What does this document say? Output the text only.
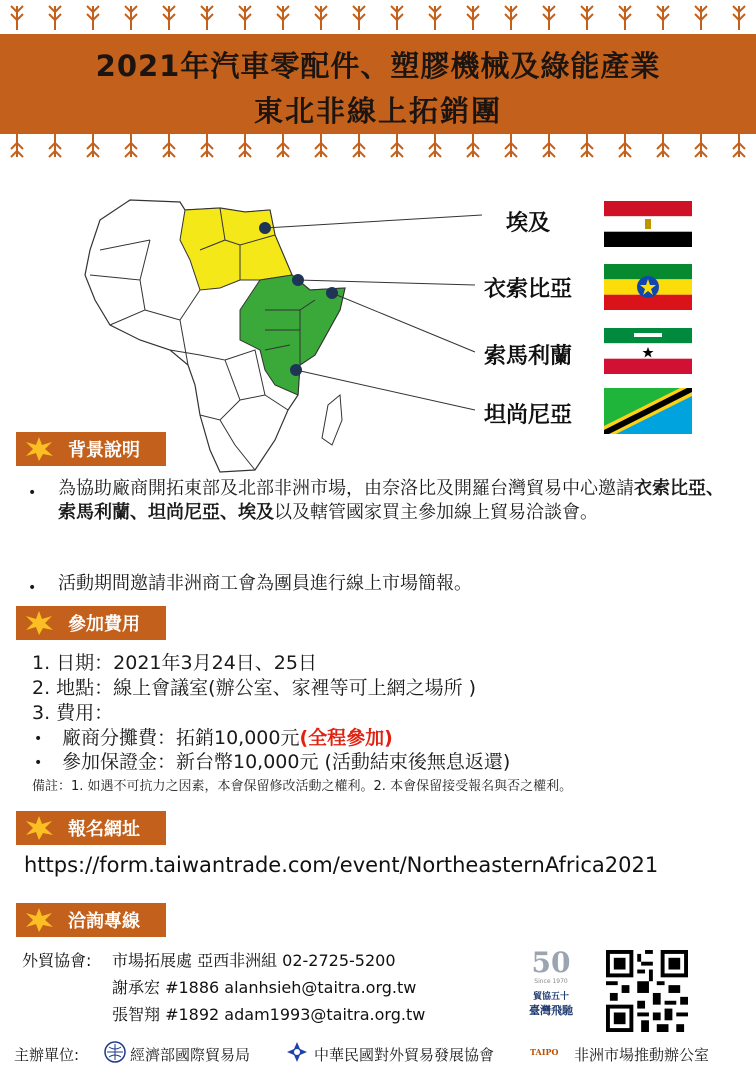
2021年汽車零配件、塑膠機械及綠能產業
東北非線上拓銷團
埃及
衣索比亞
索馬利蘭
坦尚尼亞
背景說明
• 為協助廠商開拓東部及北部非洲市場，由奈洛比及開羅台灣貿易中心邀請衣索比亞、索馬利蘭、坦尚尼亞、埃及以及轄管國家買主參加線上貿易洽談會。
• 活動期間邀請非洲商工會為團員進行線上市場簡報。
參加費用
1. 日期：2021年3月24日、25日
2. 地點：線上會議室(辦公室、家裡等可上網之場所 )
3. 費用：
• 廠商分攤費：拓銷10,000元(全程參加)
• 參加保證金：新台幣10,000元 (活動結束後無息返還)
備註：1. 如遇不可抗力之因素，本會保留修改活動之權利。2. 本會保留接受報名與否之權利。
報名網址
https://form.taiwantrade.com/event/NortheasternAfrica2021
洽詢專線
外貿協會: 市場拓展處 亞西非洲組 02-2725-5200
謝承宏 #1886 alanhsieh@taitra.org.tw
張智翔 #1892 adam1993@taitra.org.tw
50
Since 1970
貿協五十
臺灣飛馳
主辦單位:	經濟部國際貿易局	中華民國對外貿易發展協會	TAIPO 非洲市場推動辦公室
